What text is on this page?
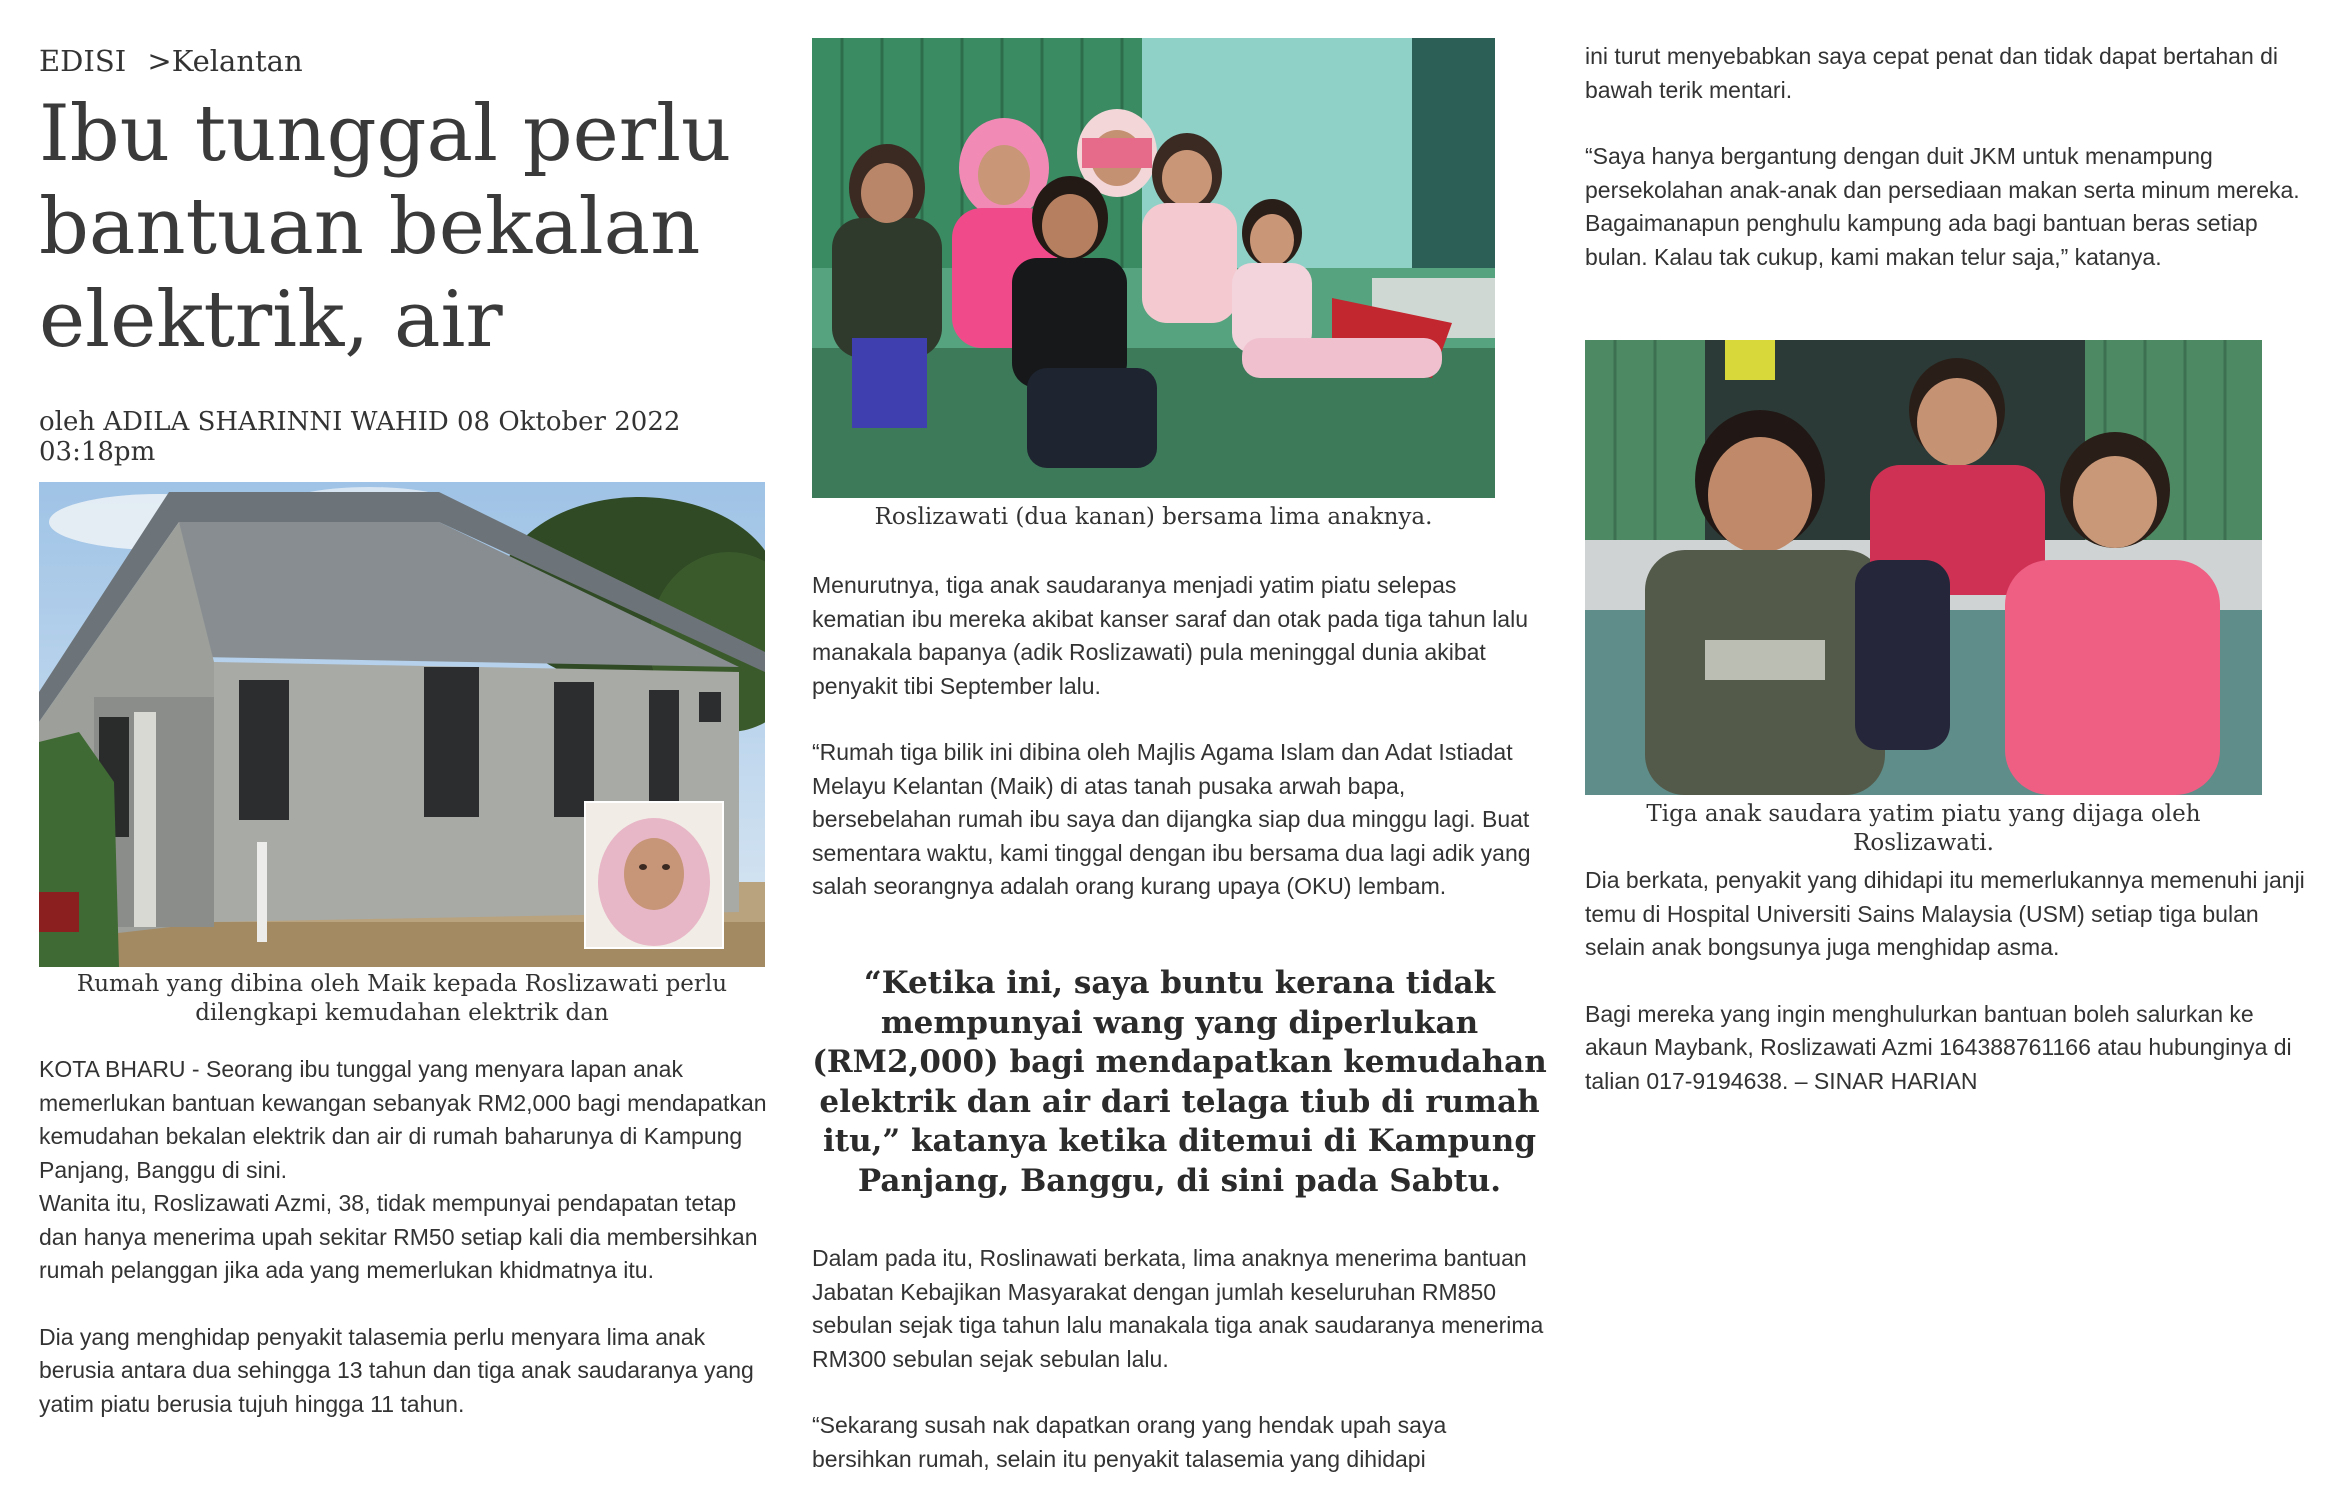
EDISI >Kelantan
Ibu tunggal perlu bantuan bekalan elektrik, air
oleh ADILA SHARINNI WAHID 08 Oktober 2022 03:18pm
Rumah yang dibina oleh Maik kepada Roslizawati perlu dilengkapi kemudahan elektrik dan

KOTA BHARU - Seorang ibu tunggal yang menyara lapan anak memerlukan bantuan kewangan sebanyak RM2,000 bagi mendapatkan kemudahan bekalan elektrik dan air di rumah baharunya di Kampung Panjang, Banggu di sini.

Wanita itu, Roslizawati Azmi, 38, tidak mempunyai pendapatan tetap dan hanya menerima upah sekitar RM50 setiap kali dia membersihkan rumah pelanggan jika ada yang memerlukan khidmatnya itu.

Dia yang menghidap penyakit talasemia perlu menyara lima anak berusia antara dua sehingga 13 tahun dan tiga anak saudaranya yang yatim piatu berusia tujuh hingga 11 tahun.

Roslizawati (dua kanan) bersama lima anaknya.

Menurutnya, tiga anak saudaranya menjadi yatim piatu selepas kematian ibu mereka akibat kanser saraf dan otak pada tiga tahun lalu manakala bapanya (adik Roslizawati) pula meninggal dunia akibat penyakit tibi September lalu.

“Rumah tiga bilik ini dibina oleh Majlis Agama Islam dan Adat Istiadat Melayu Kelantan (Maik) di atas tanah pusaka arwah bapa, bersebelahan rumah ibu saya dan dijangka siap dua minggu lagi. Buat sementara waktu, kami tinggal dengan ibu bersama dua lagi adik yang salah seorangnya adalah orang kurang upaya (OKU) lembam.

“Ketika ini, saya buntu kerana tidak mempunyai wang yang diperlukan (RM2,000) bagi mendapatkan kemudahan elektrik dan air dari telaga tiub di rumah itu,” katanya ketika ditemui di Kampung Panjang, Banggu, di sini pada Sabtu.

Dalam pada itu, Roslinawati berkata, lima anaknya menerima bantuan Jabatan Kebajikan Masyarakat dengan jumlah keseluruhan RM850 sebulan sejak tiga tahun lalu manakala tiga anak saudaranya menerima RM300 sebulan sejak sebulan lalu.

“Sekarang susah nak dapatkan orang yang hendak upah saya bersihkan rumah, selain itu penyakit talasemia yang dihidapi

ini turut menyebabkan saya cepat penat dan tidak dapat bertahan di bawah terik mentari.

“Saya hanya bergantung dengan duit JKM untuk menampung persekolahan anak-anak dan persediaan makan serta minum mereka. Bagaimanapun penghulu kampung ada bagi bantuan beras setiap bulan. Kalau tak cukup, kami makan telur saja,” katanya.

Tiga anak saudara yatim piatu yang dijaga oleh Roslizawati.

Dia berkata, penyakit yang dihidapi itu memerlukannya memenuhi janji temu di Hospital Universiti Sains Malaysia (USM) setiap tiga bulan selain anak bongsunya juga menghidap asma.

Bagi mereka yang ingin menghulurkan bantuan boleh salurkan ke akaun Maybank, Roslizawati Azmi 164388761166 atau hubunginya di talian 017-9194638. – SINAR HARIAN
